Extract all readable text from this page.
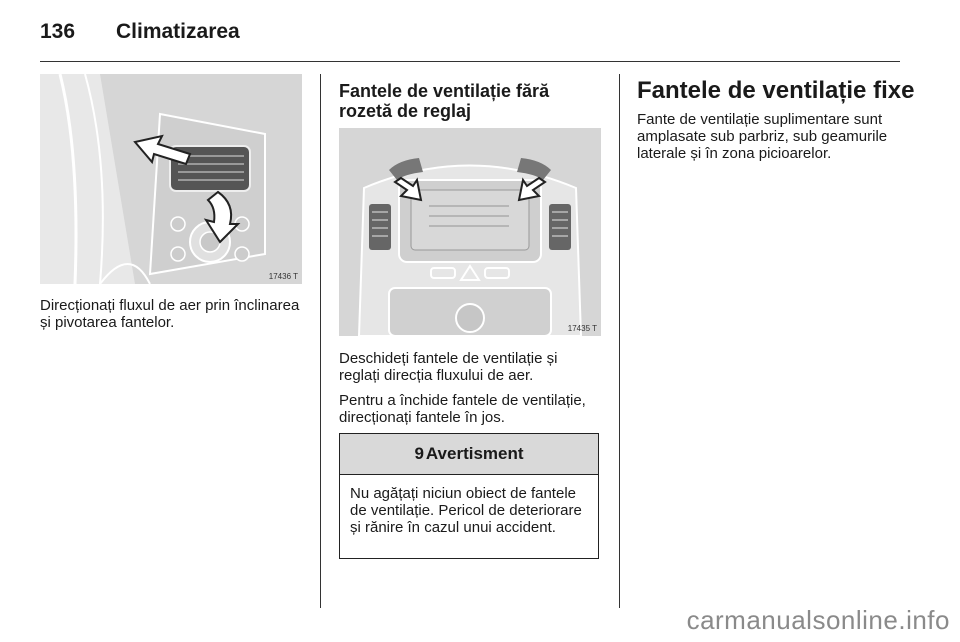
136 Climatizarea
17436 T
Direcționați fluxul de aer prin înclinarea și pivotarea fantelor.
Fantele de ventilație fără rozetă de reglaj
17435 T
Deschideți fantele de ventilație și reglați direcția fluxului de aer.
Pentru a închide fantele de ventilație, direcționați fantele în jos.
9 Avertisment
Nu agățați niciun obiect de fantele de ventilație. Pericol de deteriorare și rănire în cazul unui accident.
Fantele de ventilație fixe
Fante de ventilație suplimentare sunt amplasate sub parbriz, sub geamurile laterale și în zona picioarelor.
carmanualsonline.info
